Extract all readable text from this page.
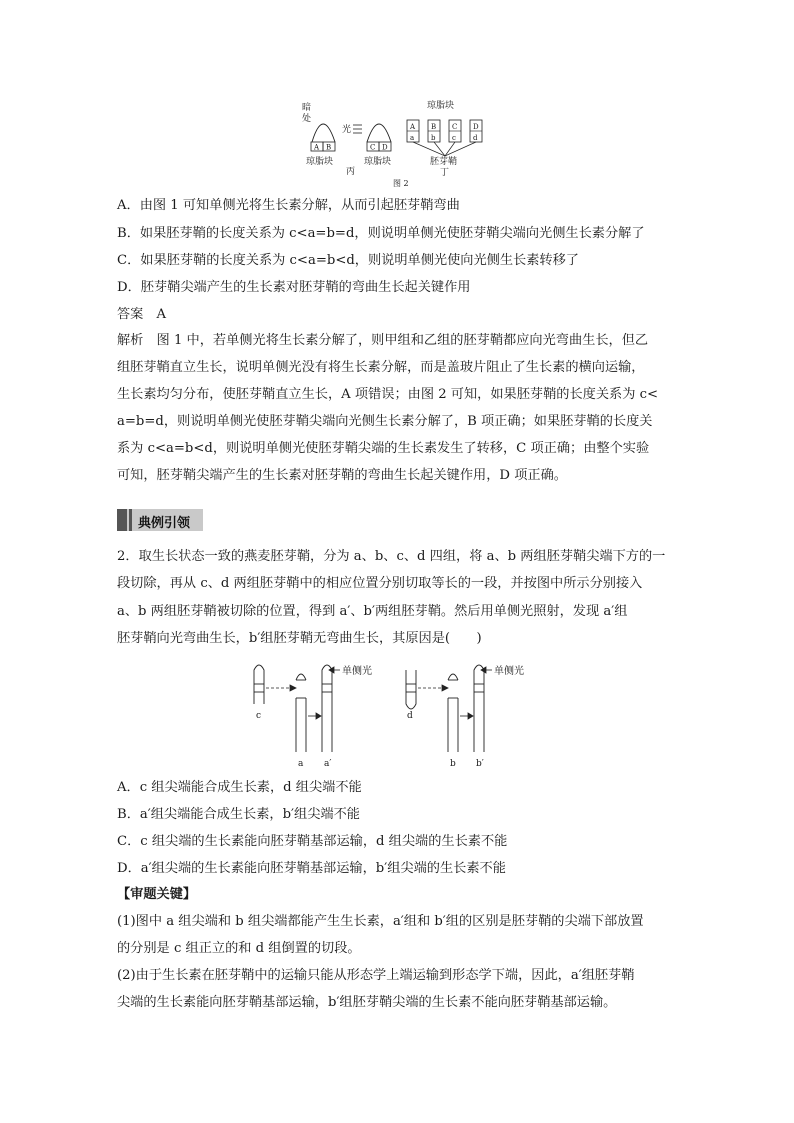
暗
处
A B
琼脂块
光
C D
琼脂块
丙
琼脂块
A B C D
a b c d
胚芽鞘
丁
图 2
A．由图 1 可知单侧光将生长素分解，从而引起胚芽鞘弯曲
B．如果胚芽鞘的长度关系为 c<a=b=d，则说明单侧光使胚芽鞘尖端向光侧生长素分解了
C．如果胚芽鞘的长度关系为 c<a=b<d，则说明单侧光使向光侧生长素转移了
D．胚芽鞘尖端产生的生长素对胚芽鞘的弯曲生长起关键作用
答案　A
解析　图 1 中，若单侧光将生长素分解了，则甲组和乙组的胚芽鞘都应向光弯曲生长，但乙
组胚芽鞘直立生长，说明单侧光没有将生长素分解，而是盖玻片阻止了生长素的横向运输，
生长素均匀分布，使胚芽鞘直立生长，A 项错误；由图 2 可知，如果胚芽鞘的长度关系为 c<
a=b=d，则说明单侧光使胚芽鞘尖端向光侧生长素分解了，B 项正确；如果胚芽鞘的长度关
系为 c<a=b<d，则说明单侧光使胚芽鞘尖端的生长素发生了转移，C 项正确；由整个实验
可知，胚芽鞘尖端产生的生长素对胚芽鞘的弯曲生长起关键作用，D 项正确。
典例引领
2．取生长状态一致的燕麦胚芽鞘，分为 a、b、c、d 四组，将 a、b 两组胚芽鞘尖端下方的一
段切除，再从 c、d 两组胚芽鞘中的相应位置分别切取等长的一段，并按图中所示分别接入
a、b 两组胚芽鞘被切除的位置，得到 a′、b′两组胚芽鞘。然后用单侧光照射，发现 a′组
胚芽鞘向光弯曲生长，b′组胚芽鞘无弯曲生长，其原因是(　　)
单侧光	单侧光
c
a a′
d
b b′
A．c 组尖端能合成生长素，d 组尖端不能
B．a′组尖端能合成生长素，b′组尖端不能
C．c 组尖端的生长素能向胚芽鞘基部运输，d 组尖端的生长素不能
D．a′组尖端的生长素能向胚芽鞘基部运输，b′组尖端的生长素不能
【审题关键】
(1)图中 a 组尖端和 b 组尖端都能产生生长素，a′组和 b′组的区别是胚芽鞘的尖端下部放置
的分别是 c 组正立的和 d 组倒置的切段。
(2)由于生长素在胚芽鞘中的运输只能从形态学上端运输到形态学下端，因此，a′组胚芽鞘
尖端的生长素能向胚芽鞘基部运输，b′组胚芽鞘尖端的生长素不能向胚芽鞘基部运输。
